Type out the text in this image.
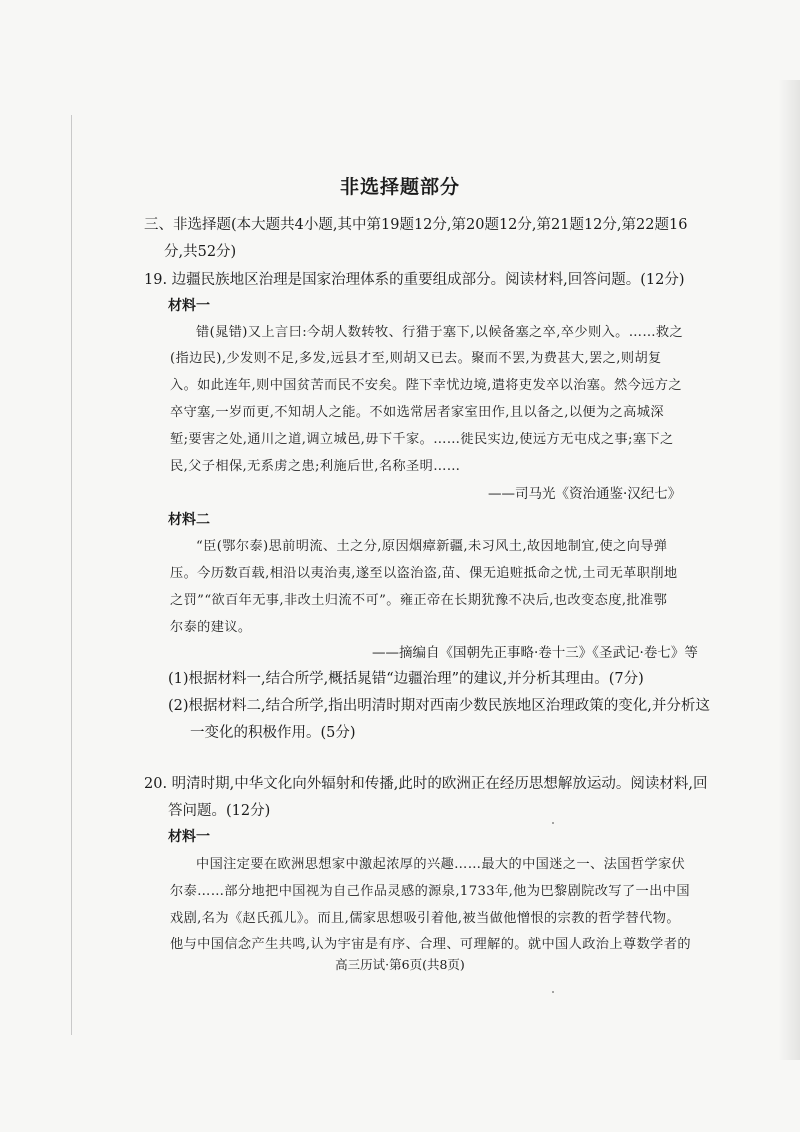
非选择题部分
三、非选择题(本大题共4小题,其中第19题12分,第20题12分,第21题12分,第22题16
分,共52分)
19. 边疆民族地区治理是国家治理体系的重要组成部分。阅读材料,回答问题。(12分)
材料一
错(晁错)又上言曰:今胡人数转牧、行猎于塞下,以候备塞之卒,卒少则入。……救之
(指边民),少发则不足,多发,远县才至,则胡又已去。聚而不罢,为费甚大,罢之,则胡复
入。如此连年,则中国贫苦而民不安矣。陛下幸忧边境,遣将吏发卒以治塞。然今远方之
卒守塞,一岁而更,不知胡人之能。不如选常居者家室田作,且以备之,以便为之高城深
堑;要害之处,通川之道,调立城邑,毋下千家。……徙民实边,使远方无屯戍之事;塞下之
民,父子相保,无系虏之患;利施后世,名称圣明……
——司马光《资治通鉴·汉纪七》
材料二
“臣(鄂尔泰)思前明流、土之分,原因烟瘴新疆,未习风土,故因地制宜,使之向导弹
压。今历数百载,相沿以夷治夷,遂至以盗治盗,苗、倮无追赃抵命之忧,土司无革职削地
之罚”“欲百年无事,非改土归流不可”。雍正帝在长期犹豫不决后,也改变态度,批准鄂
尔泰的建议。
——摘编自《国朝先正事略·卷十三》《圣武记·卷七》等
(1)根据材料一,结合所学,概括晁错“边疆治理”的建议,并分析其理由。(7分)
(2)根据材料二,结合所学,指出明清时期对西南少数民族地区治理政策的变化,并分析这
一变化的积极作用。(5分)
20. 明清时期,中华文化向外辐射和传播,此时的欧洲正在经历思想解放运动。阅读材料,回
答问题。(12分)
材料一
中国注定要在欧洲思想家中激起浓厚的兴趣……最大的中国迷之一、法国哲学家伏
尔泰……部分地把中国视为自己作品灵感的源泉,1733年,他为巴黎剧院改写了一出中国
戏剧,名为《赵氏孤儿》。而且,儒家思想吸引着他,被当做他憎恨的宗教的哲学替代物。
他与中国信念产生共鸣,认为宇宙是有序、合理、可理解的。就中国人政治上尊数学者的
高三历试·第6页(共8页)
